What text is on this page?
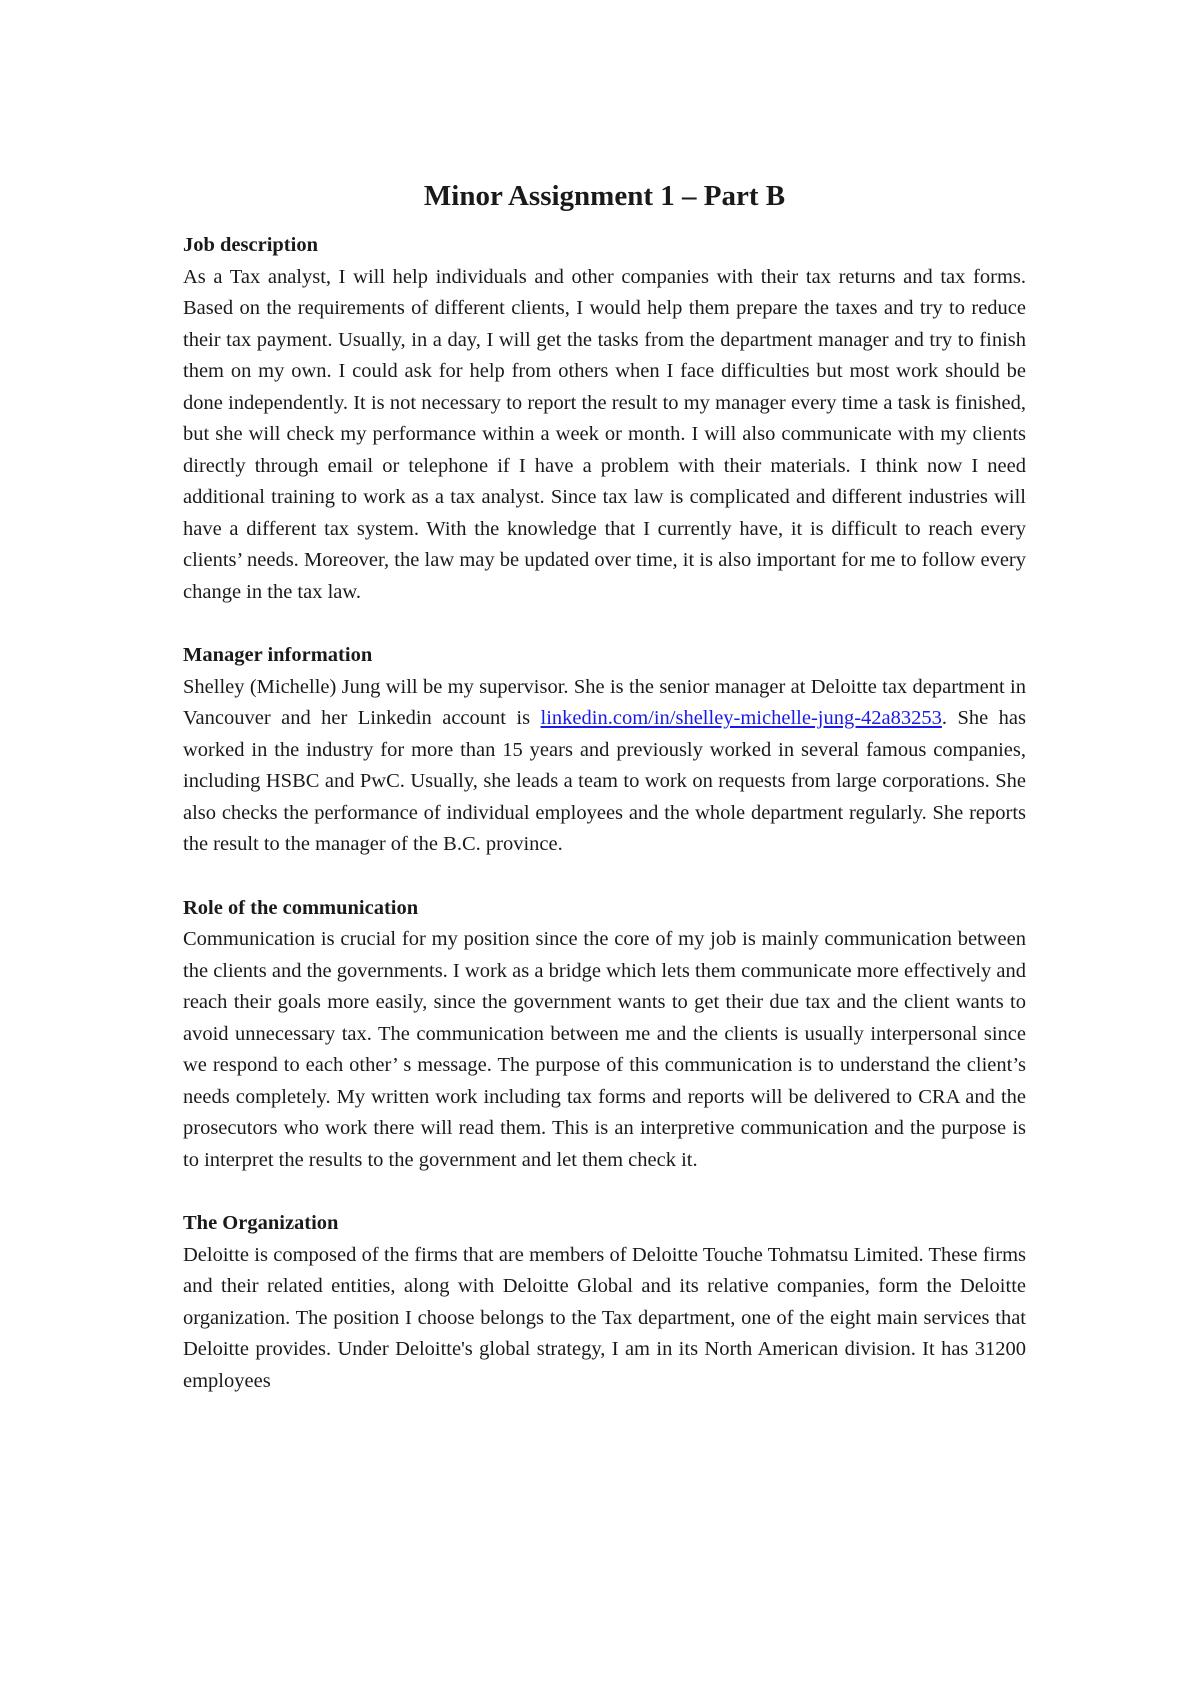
Minor Assignment 1 – Part B

Job description

As a Tax analyst, I will help individuals and other companies with their tax returns and tax forms. Based on the requirements of different clients, I would help them prepare the taxes and try to reduce their tax payment. Usually, in a day, I will get the tasks from the department manager and try to finish them on my own. I could ask for help from others when I face difficulties but most work should be done independently. It is not necessary to report the result to my manager every time a task is finished, but she will check my performance within a week or month. I will also communicate with my clients directly through email or telephone if I have a problem with their materials. I think now I need additional training to work as a tax analyst. Since tax law is complicated and different industries will have a different tax system. With the knowledge that I currently have, it is difficult to reach every clients’ needs. Moreover, the law may be updated over time, it is also important for me to follow every change in the tax law.

Manager information

Shelley (Michelle) Jung will be my supervisor. She is the senior manager at Deloitte tax department in Vancouver and her Linkedin account is linkedin.com/in/shelley-michelle-jung-42a83253. She has worked in the industry for more than 15 years and previously worked in several famous companies, including HSBC and PwC. Usually, she leads a team to work on requests from large corporations. She also checks the performance of individual employees and the whole department regularly. She reports the result to the manager of the B.C. province.

Role of the communication

Communication is crucial for my position since the core of my job is mainly communication between the clients and the governments. I work as a bridge which lets them communicate more effectively and reach their goals more easily, since the government wants to get their due tax and the client wants to avoid unnecessary tax. The communication between me and the clients is usually interpersonal since we respond to each other’ s message. The purpose of this communication is to understand the client’s needs completely. My written work including tax forms and reports will be delivered to CRA and the prosecutors who work there will read them. This is an interpretive communication and the purpose is to interpret the results to the government and let them check it.

The Organization

Deloitte is composed of the firms that are members of Deloitte Touche Tohmatsu Limited. These firms and their related entities, along with Deloitte Global and its relative companies, form the Deloitte organization. The position I choose belongs to the Tax department, one of the eight main services that Deloitte provides. Under Deloitte's global strategy, I am in its North American division. It has 31200 employees
